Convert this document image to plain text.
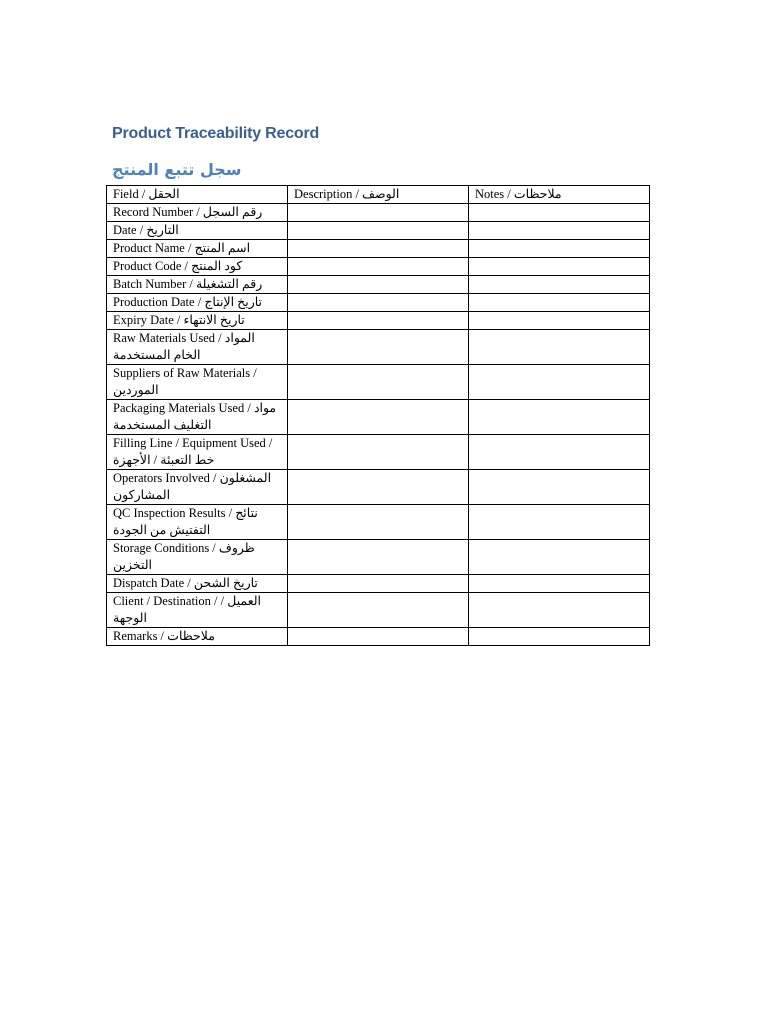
Product Traceability Record
سجل تتبع المنتج
Field / الحقل	Description / الوصف	Notes / ملاحظات
Record Number / رقم السجل		
Date / التاريخ		
Product Name / اسم المنتج		
Product Code / كود المنتج		
Batch Number / رقم التشغيلة		
Production Date / تاريخ الإنتاج		
Expiry Date / تاريخ الانتهاء		
Raw Materials Used / المواد الخام المستخدمة		
Suppliers of Raw Materials / الموردين		
Packaging Materials Used / مواد التغليف المستخدمة		
Filling Line / Equipment Used / خط التعبئة / الأجهزة		
Operators Involved / المشغلون المشاركون		
QC Inspection Results / نتائج التفتيش من الجودة		
Storage Conditions / ظروف التخزين		
Dispatch Date / تاريخ الشحن		
Client / Destination / العميل / الوجهة		
Remarks / ملاحظات		
